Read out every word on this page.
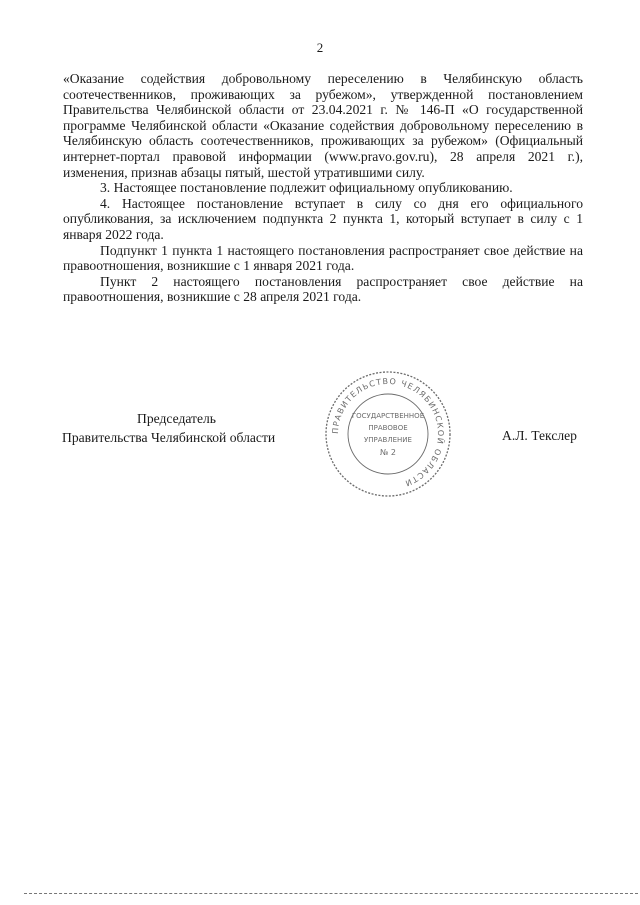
2

«Оказание содействия добровольному переселению в Челябинскую область соотечественников, проживающих за рубежом», утвержденной постановлением Правительства Челябинской области от 23.04.2021 г. № 146-П «О государственной программе Челябинской области «Оказание содействия добровольному переселению в Челябинскую область соотечественников, проживающих за рубежом» (Официальный интернет-портал правовой информации (www.pravo.gov.ru), 28 апреля 2021 г.), изменения, признав абзацы пятый, шестой утратившими силу.

3. Настоящее постановление подлежит официальному опубликованию.

4. Настоящее постановление вступает в силу со дня его официального опубликования, за исключением подпункта 2 пункта 1, который вступает в силу с 1 января 2022 года.

Подпункт 1 пункта 1 настоящего постановления распространяет свое действие на правоотношения, возникшие с 1 января 2021 года.

Пункт 2 настоящего постановления распространяет свое действие на правоотношения, возникшие с 28 апреля 2021 года.

Председатель
Правительства Челябинской области	ПРАВИТЕЛЬСТВО ЧЕЛЯБИНСКОЙ ОБЛАСТИ
ГОСУДАРСТВЕННОЕ
ПРАВОВОЕ
УПРАВЛЕНИЕ
№ 2
А.Л. Текслер
